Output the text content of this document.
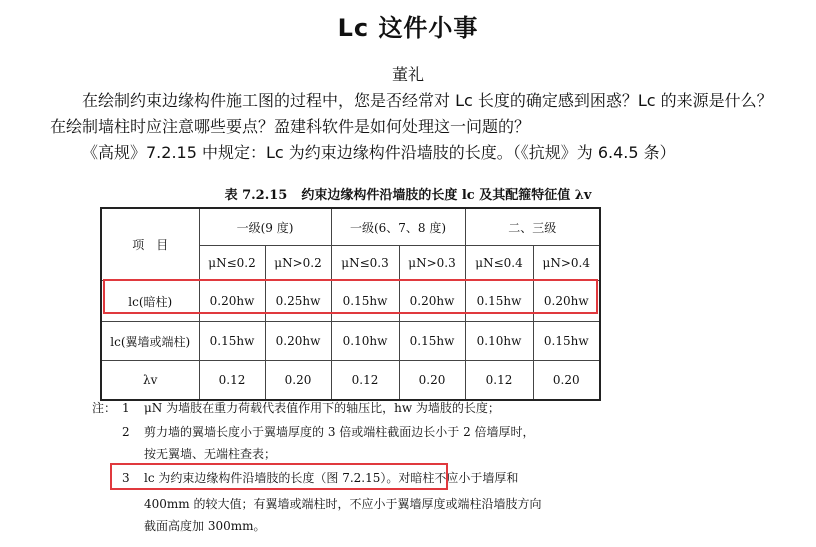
Lc 这件小事
董礼
在绘制约束边缘构件施工图的过程中，您是否经常对 Lc 长度的确定感到困惑？Lc 的来源是什么？在绘制墙柱时应注意哪些要点？盈建科软件是如何处理这一问题的？
《高规》7.2.15 中规定：Lc 为约束边缘构件沿墙肢的长度。（《抗规》为 6.4.5 条）
表 7.2.15 约束边缘构件沿墙肢的长度 lc 及其配箍特征值 λv
项　目	一级(9 度)		一级(6、7、8 度)		二、三级	
	μN≤0.2	μN>0.2	μN≤0.3	μN>0.3	μN≤0.4	μN>0.4
lc(暗柱)	0.20hw	0.25hw	0.15hw	0.20hw	0.15hw	0.20hw
lc(翼墙或端柱)	0.15hw	0.20hw	0.10hw	0.15hw	0.10hw	0.15hw
λv	0.12	0.20	0.12	0.20	0.12	0.20
注： 1 μN 为墙肢在重力荷载代表值作用下的轴压比，hw 为墙肢的长度；
2 剪力墙的翼墙长度小于翼墙厚度的 3 倍或端柱截面边长小于 2 倍墙厚时，
按无翼墙、无端柱查表；
3 lc 为约束边缘构件沿墙肢的长度（图 7.2.15）。对暗柱不应小于墙厚和
400mm 的较大值；有翼墙或端柱时，不应小于翼墙厚度或端柱沿墙肢方向
截面高度加 300mm。
